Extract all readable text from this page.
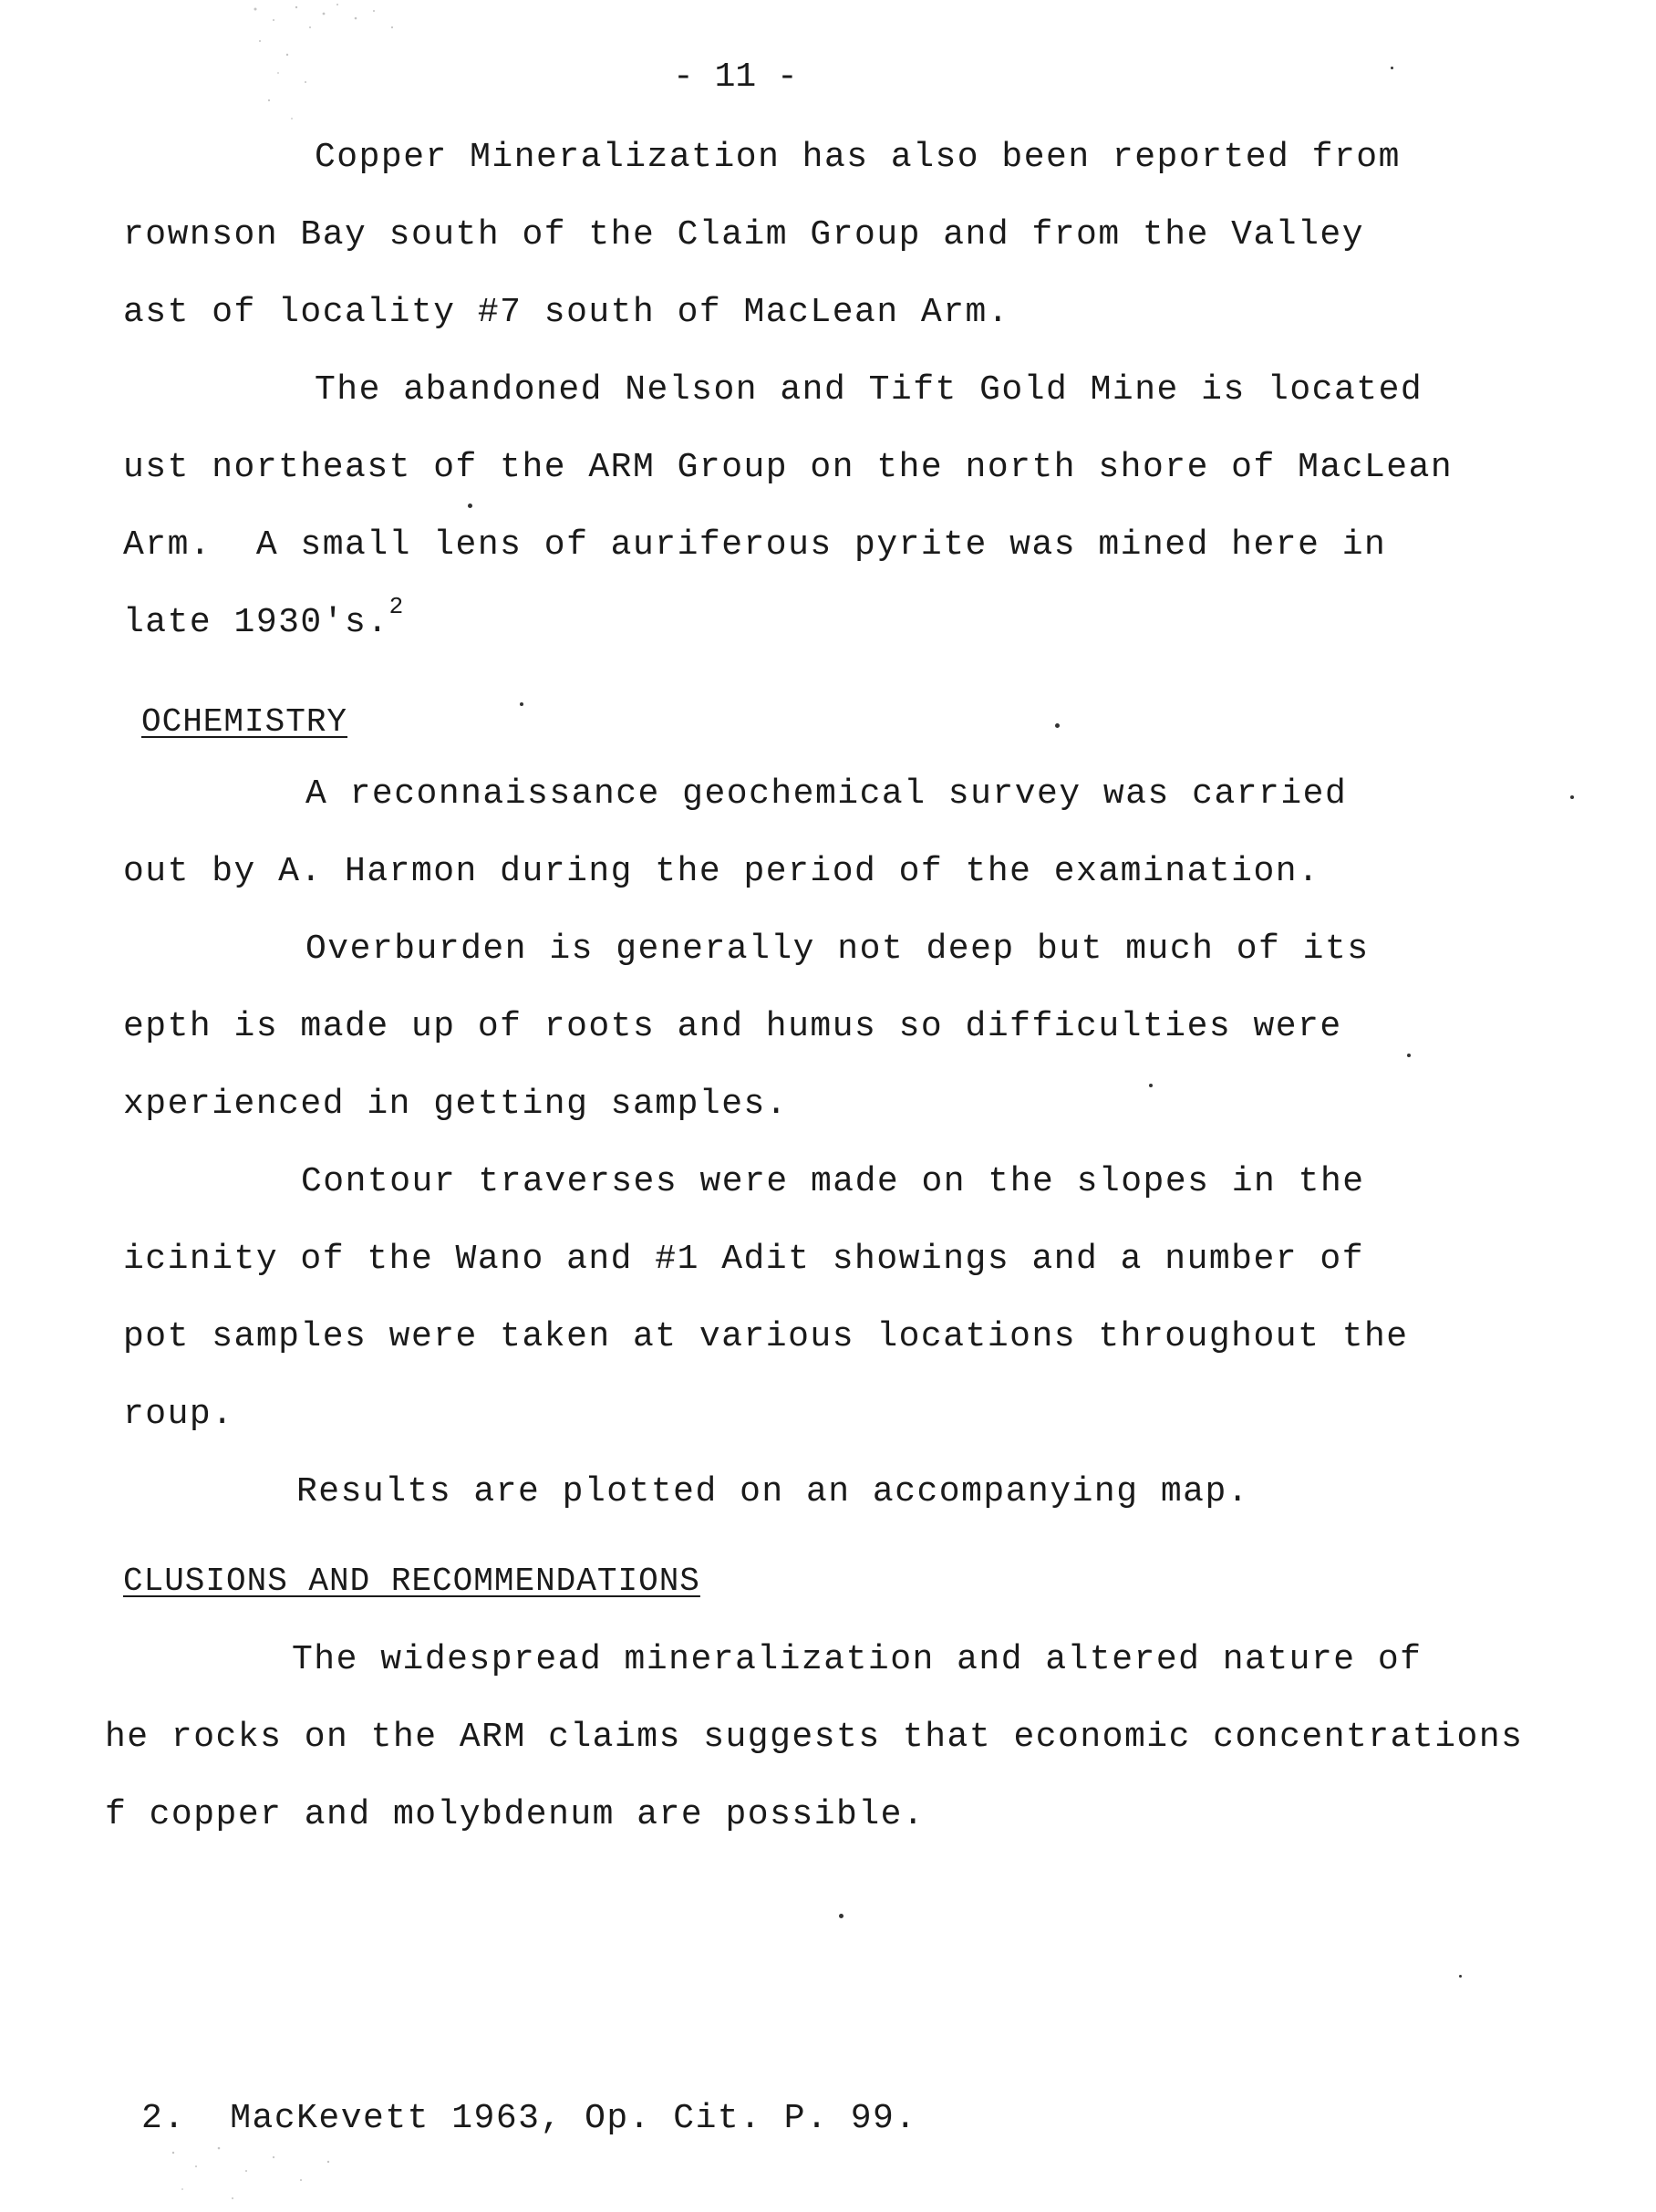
- 11 -
Copper Mineralization has also been reported from
rownson Bay south of the Claim Group and from the Valley
ast of locality #7 south of MacLean Arm.
The abandoned Nelson and Tift Gold Mine is located
ust northeast of the ARM Group on the north shore of MacLean
Arm.  A small lens of auriferous pyrite was mined here in
late 1930's.$^2$
OCHEMISTRY
A reconnaissance geochemical survey was carried
out by A. Harmon during the period of the examination.
Overburden is generally not deep but much of its
epth is made up of roots and humus so difficulties were
xperienced in getting samples.
Contour traverses were made on the slopes in the
icinity of the Wano and #1 Adit showings and a number of
pot samples were taken at various locations throughout the
roup.
Results are plotted on an accompanying map.
CLUSIONS AND RECOMMENDATIONS
The widespread mineralization and altered nature of
he rocks on the ARM claims suggests that economic concentrations
f copper and molybdenum are possible.
2.  MacKevett 1963, Op. Cit. P. 99.
